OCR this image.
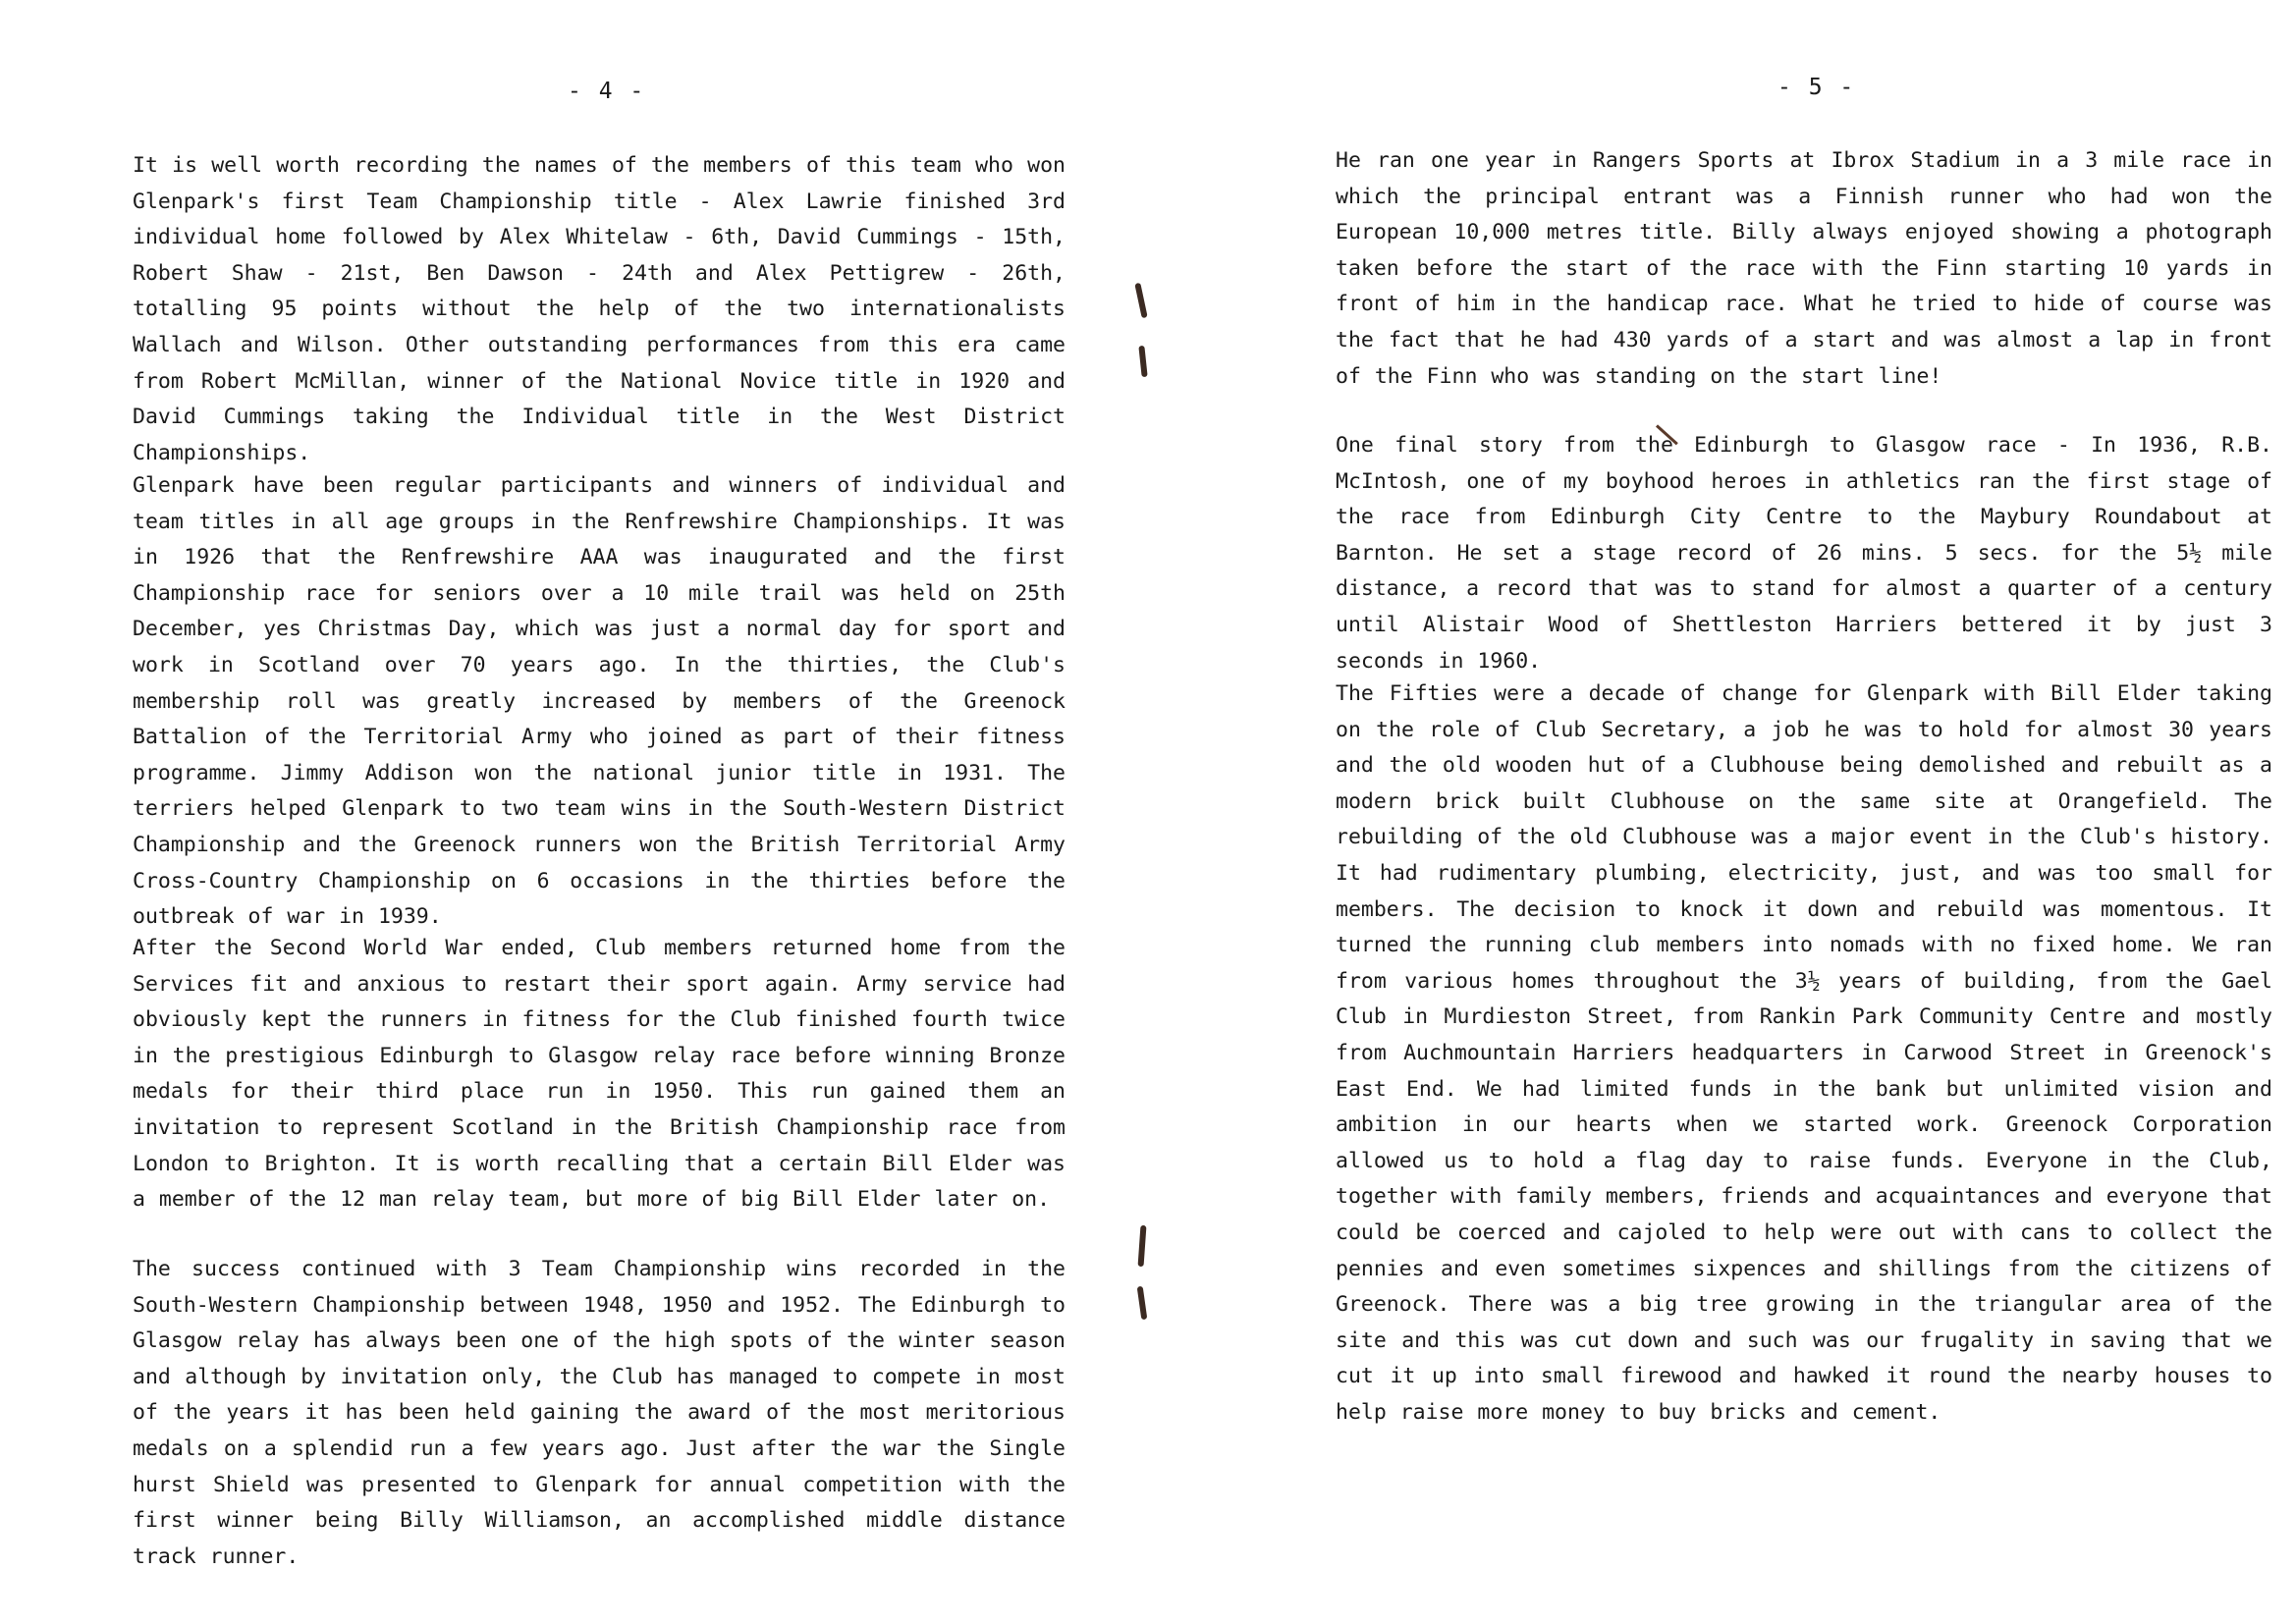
- 4 -

It is well worth recording the names of the members of this team who won Glenpark's first Team Championship title - Alex Lawrie finished 3rd individual home followed by Alex Whitelaw - 6th, David Cummings - 15th, Robert Shaw - 21st, Ben Dawson - 24th and Alex Pettigrew - 26th, totalling 95 points without the help of the two internationalists Wallach and Wilson. Other outstanding performances from this era came from Robert McMillan, winner of the National Novice title in 1920 and David Cummings taking the Individual title in the West District Championships.

Glenpark have been regular participants and winners of individual and team titles in all age groups in the Renfrewshire Championships. It was in 1926 that the Renfrewshire AAA was inaugurated and the first Championship race for seniors over a 10 mile trail was held on 25th December, yes Christmas Day, which was just a normal day for sport and work in Scotland over 70 years ago. In the thirties, the Club's membership roll was greatly increased by members of the Greenock Battalion of the Territorial Army who joined as part of their fitness programme. Jimmy Addison won the national junior title in 1931. The terriers helped Glenpark to two team wins in the South-Western District Championship and the Greenock runners won the British Territorial Army Cross-Country Championship on 6 occasions in the thirties before the outbreak of war in 1939.

After the Second World War ended, Club members returned home from the Services fit and anxious to restart their sport again. Army service had obviously kept the runners in fitness for the Club finished fourth twice in the prestigious Edinburgh to Glasgow relay race before winning Bronze medals for their third place run in 1950. This run gained them an invitation to represent Scotland in the British Championship race from London to Brighton. It is worth recalling that a certain Bill Elder was a member of the 12 man relay team, but more of big Bill Elder later on.

The success continued with 3 Team Championship wins recorded in the South-Western Championship between 1948, 1950 and 1952. The Edinburgh to Glasgow relay has always been one of the high spots of the winter season and although by invitation only, the Club has managed to compete in most of the years it has been held gaining the award of the most meritorious medals on a splendid run a few years ago. Just after the war the Single hurst Shield was presented to Glenpark for annual competition with the first winner being Billy Williamson, an accomplished middle distance track runner.

- 5 -

He ran one year in Rangers Sports at Ibrox Stadium in a 3 mile race in which the principal entrant was a Finnish runner who had won the European 10,000 metres title. Billy always enjoyed showing a photograph taken before the start of the race with the Finn starting 10 yards in front of him in the handicap race. What he tried to hide of course was the fact that he had 430 yards of a start and was almost a lap in front of the Finn who was standing on the start line!

One final story from the Edinburgh to Glasgow race - In 1936, R.B. McIntosh, one of my boyhood heroes in athletics ran the first stage of the race from Edinburgh City Centre to the Maybury Roundabout at Barnton. He set a stage record of 26 mins. 5 secs. for the 5½ mile distance, a record that was to stand for almost a quarter of a century until Alistair Wood of Shettleston Harriers bettered it by just 3 seconds in 1960.

The Fifties were a decade of change for Glenpark with Bill Elder taking on the role of Club Secretary, a job he was to hold for almost 30 years and the old wooden hut of a Clubhouse being demolished and rebuilt as a modern brick built Clubhouse on the same site at Orangefield. The rebuilding of the old Clubhouse was a major event in the Club's history. It had rudimentary plumbing, electricity, just, and was too small for members. The decision to knock it down and rebuild was momentous. It turned the running club members into nomads with no fixed home. We ran from various homes throughout the 3½ years of building, from the Gael Club in Murdieston Street, from Rankin Park Community Centre and mostly from Auchmountain Harriers headquarters in Carwood Street in Greenock's East End. We had limited funds in the bank but unlimited vision and ambition in our hearts when we started work. Greenock Corporation allowed us to hold a flag day to raise funds. Everyone in the Club, together with family members, friends and acquaintances and everyone that could be coerced and cajoled to help were out with cans to collect the pennies and even sometimes sixpences and shillings from the citizens of Greenock. There was a big tree growing in the triangular area of the site and this was cut down and such was our frugality in saving that we cut it up into small firewood and hawked it round the nearby houses to help raise more money to buy bricks and cement.
